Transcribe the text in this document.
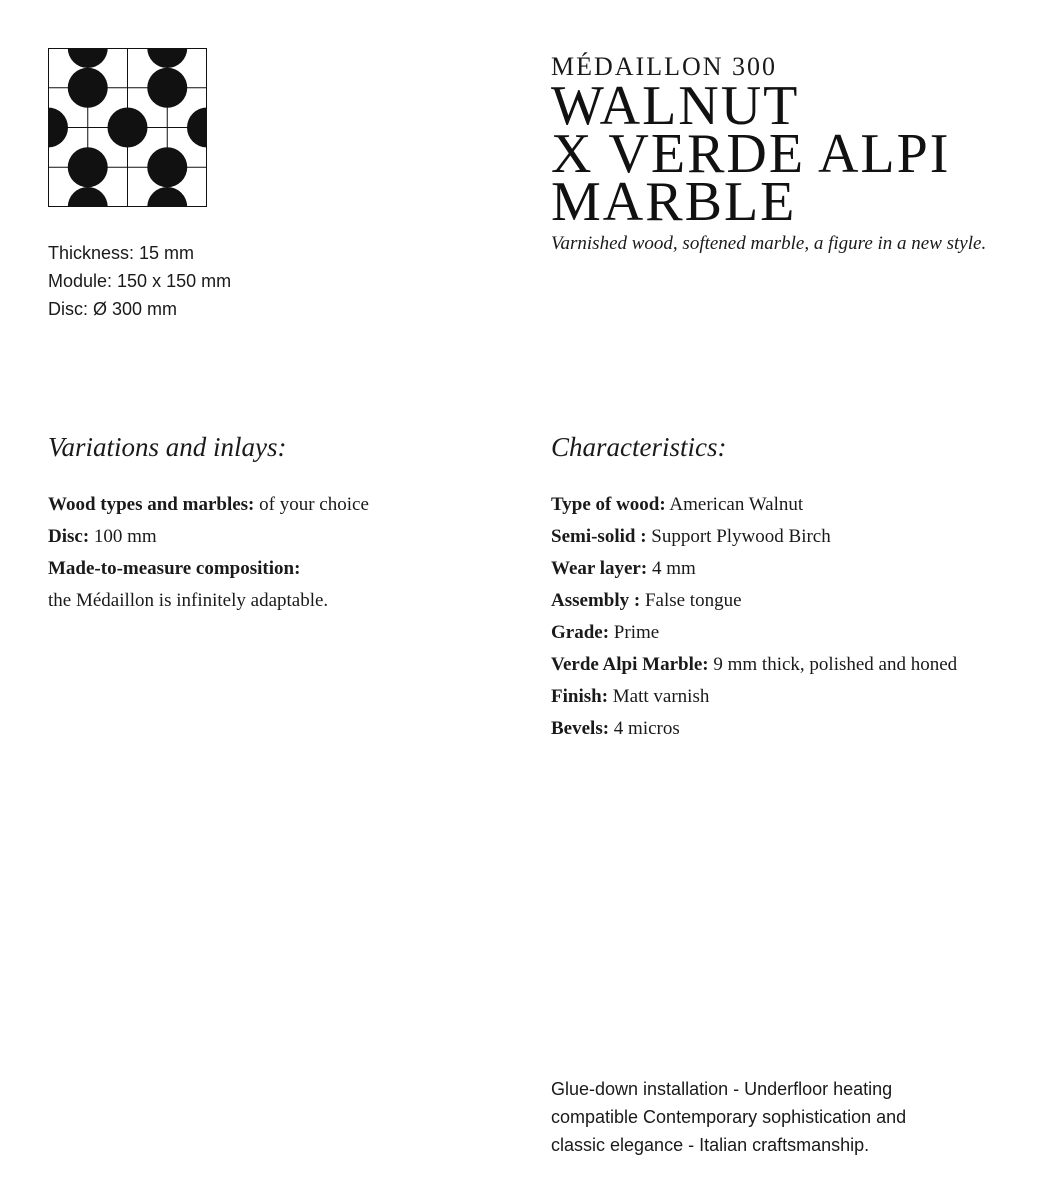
Thickness: 15 mm
Module: 150 x 150 mm
Disc: Ø 300 mm
MÉDAILLON 300
WALNUT
X VERDE ALPI
MARBLE
Varnished wood, softened marble, a figure in a new style.
Variations and inlays:	Characteristics:
Wood types and marbles: of your choice
Disc: 100 mm
Made-to-measure composition:
the Médaillon is infinitely adaptable.
Type of wood: American Walnut
Semi-solid : Support Plywood Birch
Wear layer: 4 mm
Assembly : False tongue
Grade: Prime
Verde Alpi Marble: 9 mm thick, polished and honed
Finish: Matt varnish
Bevels: 4 micros
Glue-down installation - Underfloor heating
compatible Contemporary sophistication and
classic elegance - Italian craftsmanship.
